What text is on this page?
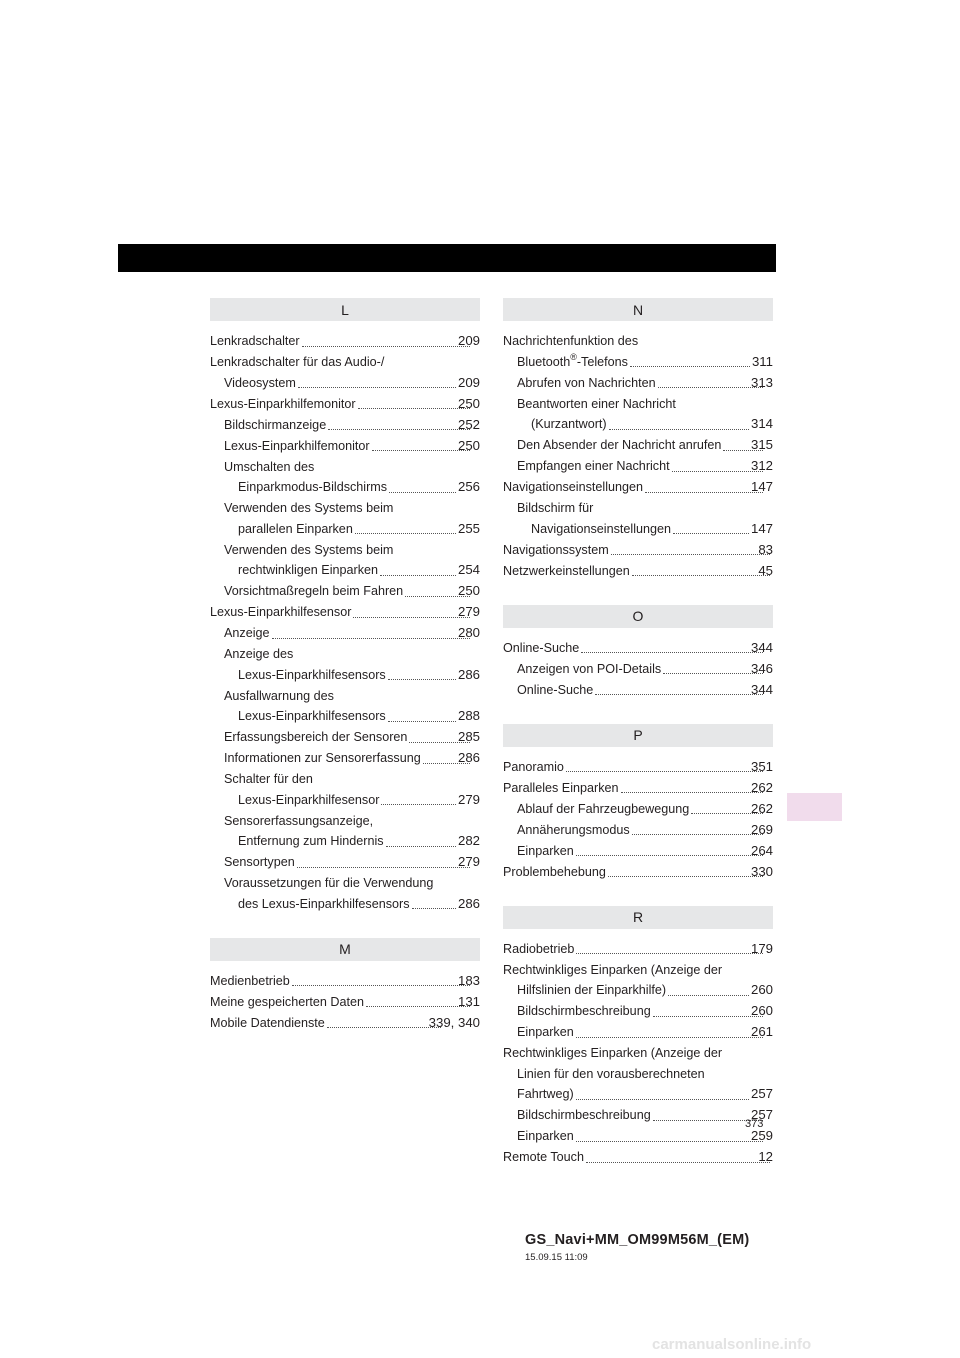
L
Lenkradschalter	209
Lenkradschalter für das Audio-/
Videosystem	209
Lexus-Einparkhilfemonitor	250
Bildschirmanzeige	252
Lexus-Einparkhilfemonitor	250
Umschalten des
Einparkmodus-Bildschirms	256
Verwenden des Systems beim
parallelen Einparken	255
Verwenden des Systems beim
rechtwinkligen Einparken	254
Vorsichtmaßregeln beim Fahren	250
Lexus-Einparkhilfesensor	279
Anzeige	280
Anzeige des
Lexus-Einparkhilfesensors	286
Ausfallwarnung des
Lexus-Einparkhilfesensors	288
Erfassungsbereich der Sensoren	285
Informationen zur Sensorerfassung	286
Schalter für den
Lexus-Einparkhilfesensor	279
Sensorerfassungsanzeige,
Entfernung zum Hindernis	282
Sensortypen	279
Voraussetzungen für die Verwendung
des Lexus-Einparkhilfesensors	286
M
Medienbetrieb	183
Meine gespeicherten Daten	131
Mobile Datendienste	339, 340
N
Nachrichtenfunktion des
Bluetooth®-Telefons	311
Abrufen von Nachrichten	313
Beantworten einer Nachricht
(Kurzantwort)	314
Den Absender der Nachricht anrufen 315
Empfangen einer Nachricht	312
Navigationseinstellungen	147
Bildschirm für
Navigationseinstellungen	147
Navigationssystem	83
Netzwerkeinstellungen	45
O
Online-Suche	344
Anzeigen von POI-Details	346
Online-Suche	344
P
Panoramio	351
Paralleles Einparken	262
Ablauf der Fahrzeugbewegung	262
Annäherungsmodus	269
Einparken	264
Problembehebung	330
R
Radiobetrieb	179
Rechtwinkliges Einparken (Anzeige der
Hilfslinien der Einparkhilfe)	260
Bildschirmbeschreibung	260
Einparken	261
Rechtwinkliges Einparken (Anzeige der
Linien für den vorausberechneten
Fahrtweg)	257
Bildschirmbeschreibung	257
Einparken	259
Remote Touch	12
373
GS_Navi+MM_OM99M56M_(EM)
15.09.15 11:09
carmanualsonline.info
